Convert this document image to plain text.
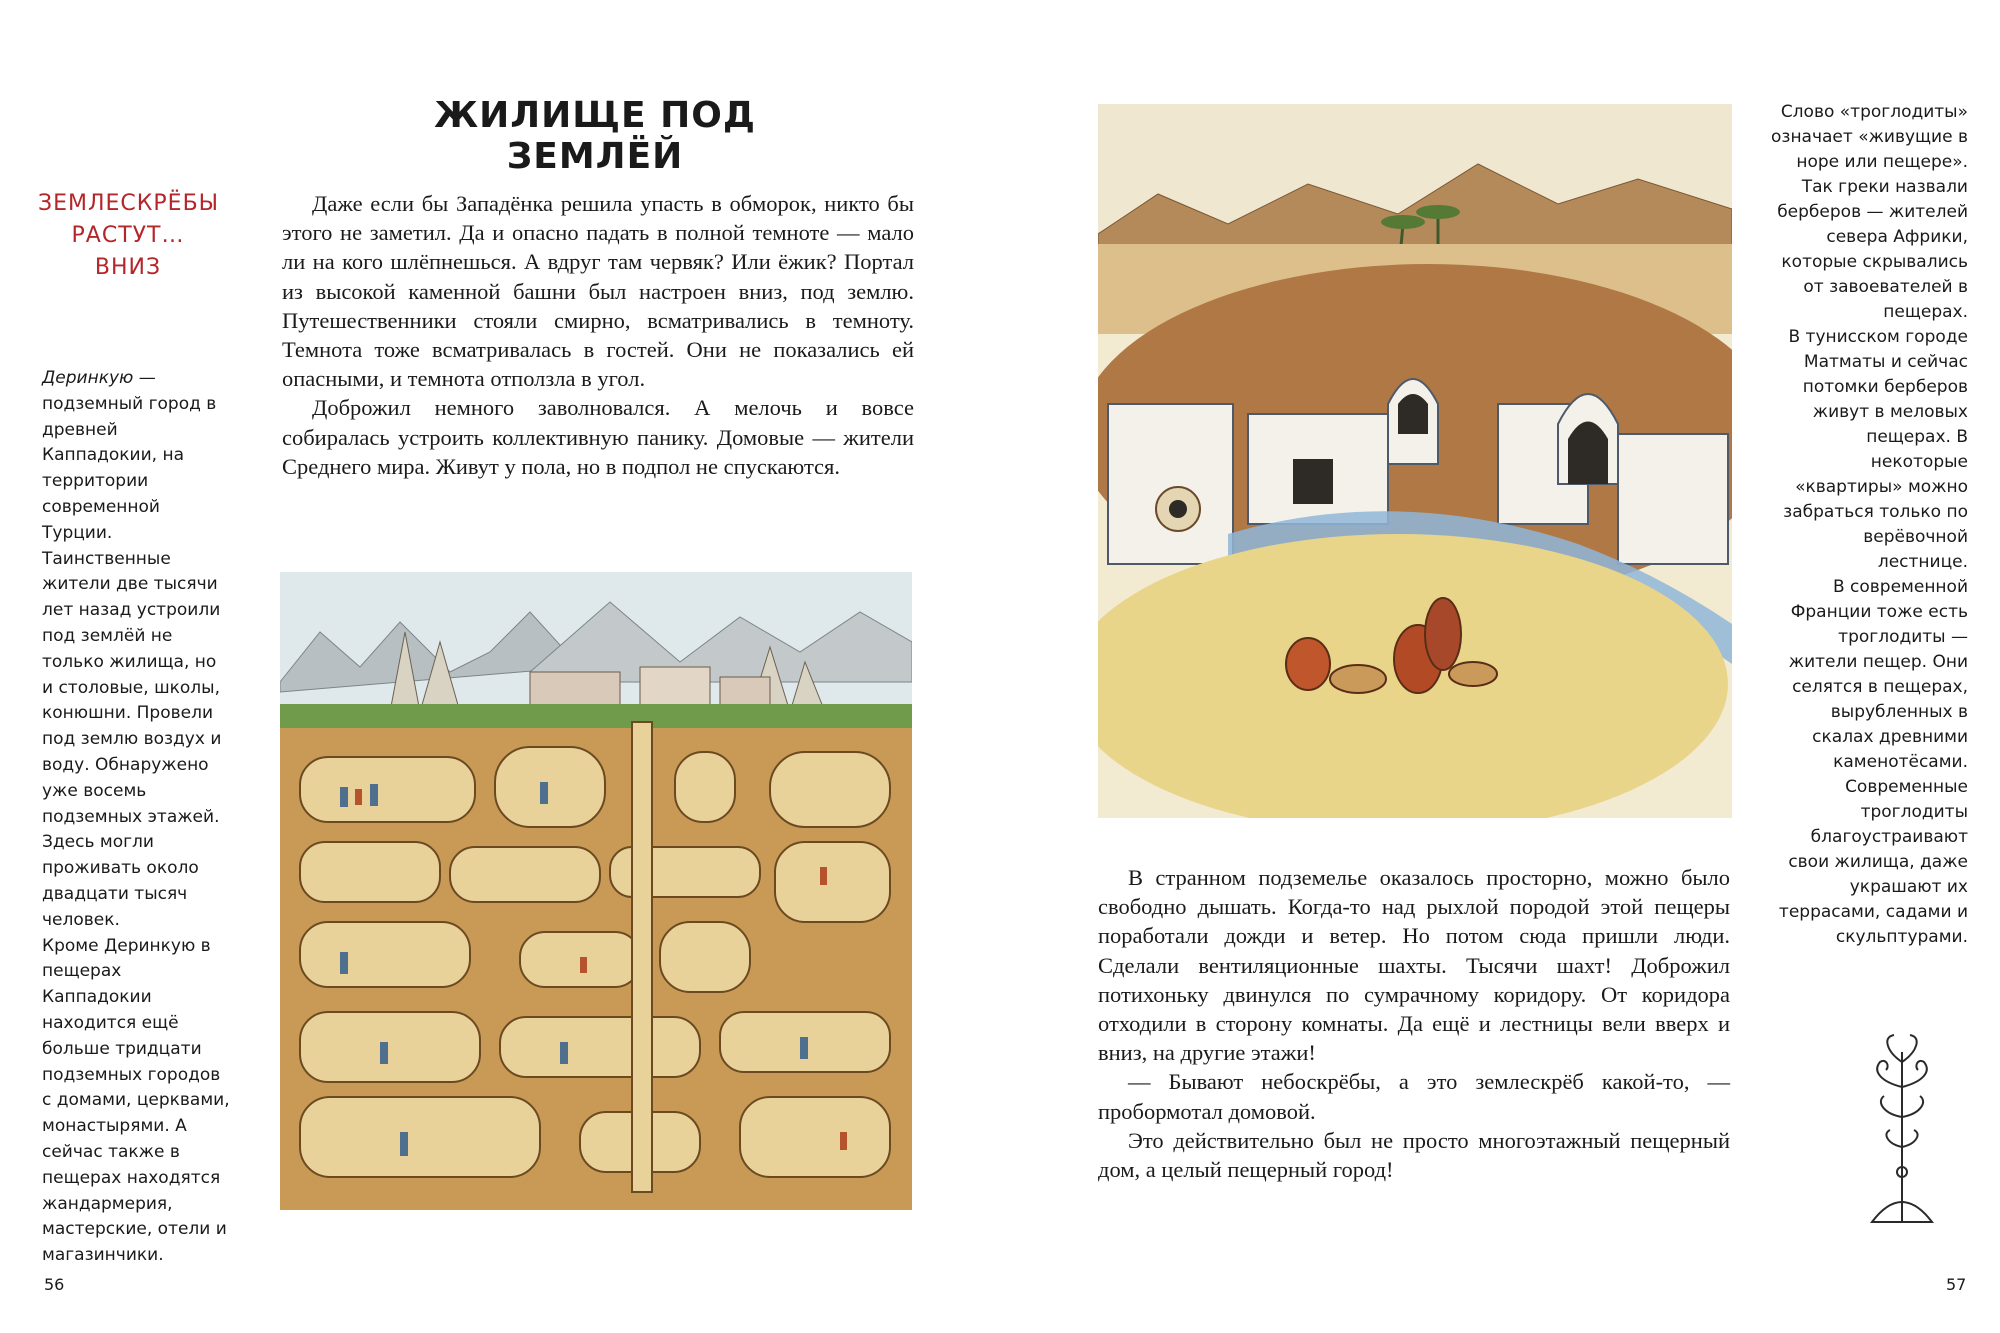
ЖИЛИЩЕ ПОД ЗЕМЛЁЙ
ЗЕМЛЕСКРЁБЫ
РАСТУТ…
ВНИЗ

Даже если бы Западёнка решила упасть в обморок, никто бы этого не заметил. Да и опасно падать в полной темноте — мало ли на кого шлёпнешься. А вдруг там червяк? Или ёжик? Портал из высокой каменной башни был настроен вниз, под землю. Путешественники стояли смирно, всматривались в темноту. Темнота тоже всматривалась в гостей. Они не показались ей опасными, и темнота отползла в угол.

Доброжил немного заволновался. А мелочь и вовсе собиралась устроить коллективную панику. Домовые — жители Среднего мира. Живут у пола, но в подпол не спускаются.

Деринкую — подземный город в древней Каппадокии, на территории современной Турции. Таинственные жители две тысячи лет назад устроили под землёй не только жилища, но и столовые, школы, конюшни. Провели под землю воздух и воду. Обнаружено уже восемь подземных этажей. Здесь могли проживать около двадцати тысяч человек.

Кроме Деринкую в пещерах Каппадокии находится ещё больше тридцати подземных городов с домами, церквами, монастырями. А сейчас также в пещерах находятся жандармерия, мастерские, отели и магазинчики.

В странном подземелье оказалось просторно, можно было свободно дышать. Когда-то над рыхлой породой этой пещеры поработали дожди и ветер. Но потом сюда пришли люди. Сделали вентиляционные шахты. Тысячи шахт! Доброжил потихоньку двинулся по сумрачному коридору. От коридора отходили в сторону комнаты. Да ещё и лестницы вели вверх и вниз, на другие этажи!

— Бывают небоскрёбы, а это землескрёб какой-то, — пробормотал домовой.

Это действительно был не просто многоэтажный пещерный дом, а целый пещерный город!

Слово «троглодиты» означает «живущие в норе или пещере». Так греки назвали берберов — жителей севера Африки, которые скрывались от завоевателей в пещерах.

В тунисском городе Матматы и сейчас потомки берберов живут в меловых пещерах. В некоторые «квартиры» можно забраться только по верёвочной лестнице.

В современной Франции тоже есть троглодиты — жители пещер. Они селятся в пещерах, вырубленных в скалах древними каменотёсами. Современные троглодиты благоустраивают свои жилища, даже украшают их террасами, садами и скульптурами.

56	57
